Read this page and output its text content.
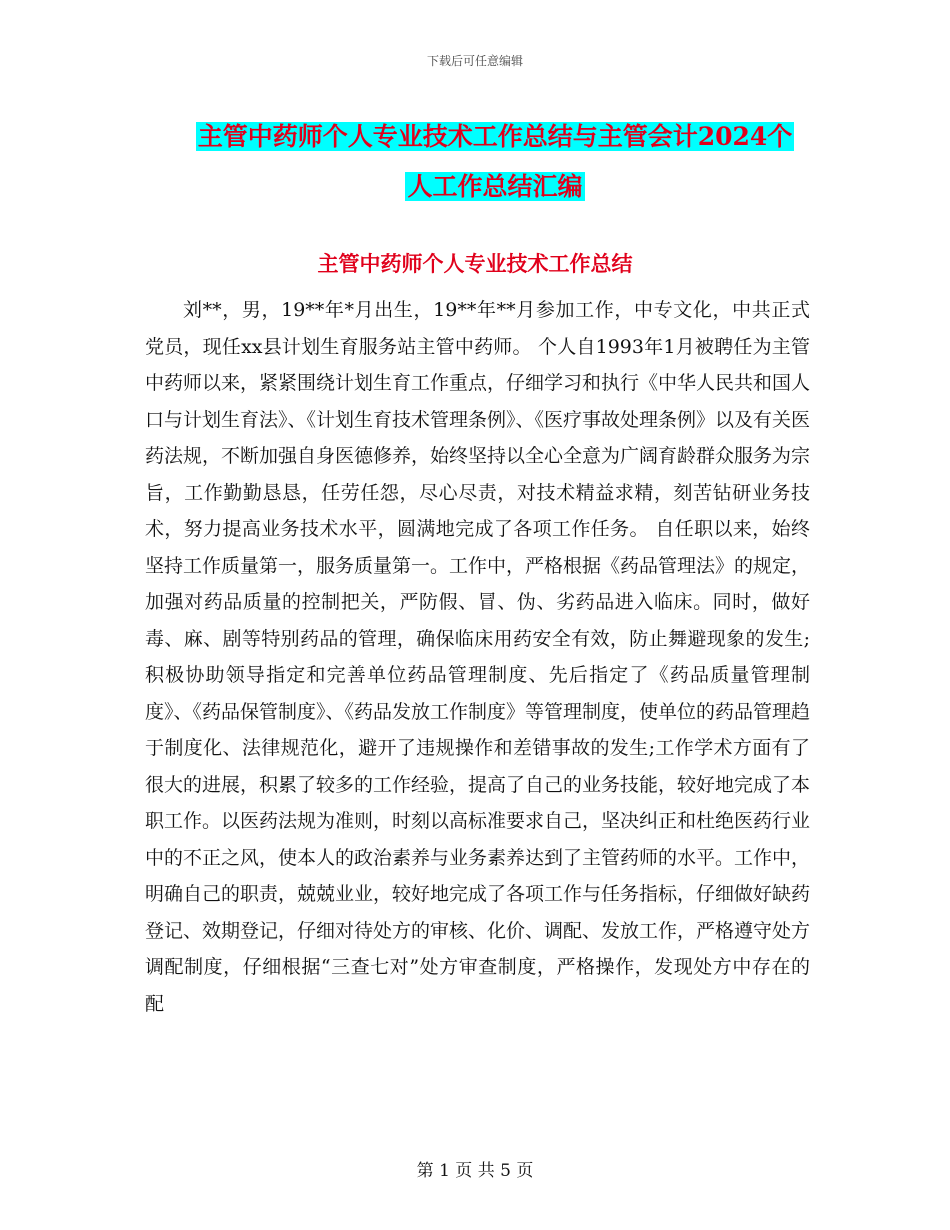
下载后可任意编辑
主管中药师个人专业技术工作总结与主管会计2024个
人工作总结汇编
主管中药师个人专业技术工作总结

刘**，男，19**年*月出生，19**年**月参加工作，中专文化，中共正式党员，现任xx县计划生育服务站主管中药师。 个人自1993年1月被聘任为主管中药师以来，紧紧围绕计划生育工作重点，仔细学习和执行《中华人民共和国人口与计划生育法》、《计划生育技术管理条例》、《医疗事故处理条例》以及有关医药法规，不断加强自身医德修养，始终坚持以全心全意为广阔育龄群众服务为宗旨，工作勤勤恳恳，任劳任怨，尽心尽责，对技术精益求精，刻苦钻研业务技术，努力提高业务技术水平，圆满地完成了各项工作任务。 自任职以来，始终坚持工作质量第一，服务质量第一。工作中，严格根据《药品管理法》的规定，加强对药品质量的控制把关，严防假、冒、伪、劣药品进入临床。同时，做好毒、麻、剧等特别药品的管理，确保临床用药安全有效，防止舞避现象的发生;积极协助领导指定和完善单位药品管理制度、先后指定了《药品质量管理制度》、《药品保管制度》、《药品发放工作制度》等管理制度，使单位的药品管理趋于制度化、法律规范化，避开了违规操作和差错事故的发生;工作学术方面有了很大的进展，积累了较多的工作经验，提高了自己的业务技能，较好地完成了本职工作。以医药法规为准则，时刻以高标准要求自己，坚决纠正和杜绝医药行业中的不正之风，使本人的政治素养与业务素养达到了主管药师的水平。工作中，明确自己的职责，兢兢业业，较好地完成了各项工作与任务指标，仔细做好缺药登记、效期登记，仔细对待处方的审核、化价、调配、发放工作，严格遵守处方调配制度，仔细根据“三查七对”处方审查制度，严格操作，发现处方中存在的配

第 1 页 共 5 页
